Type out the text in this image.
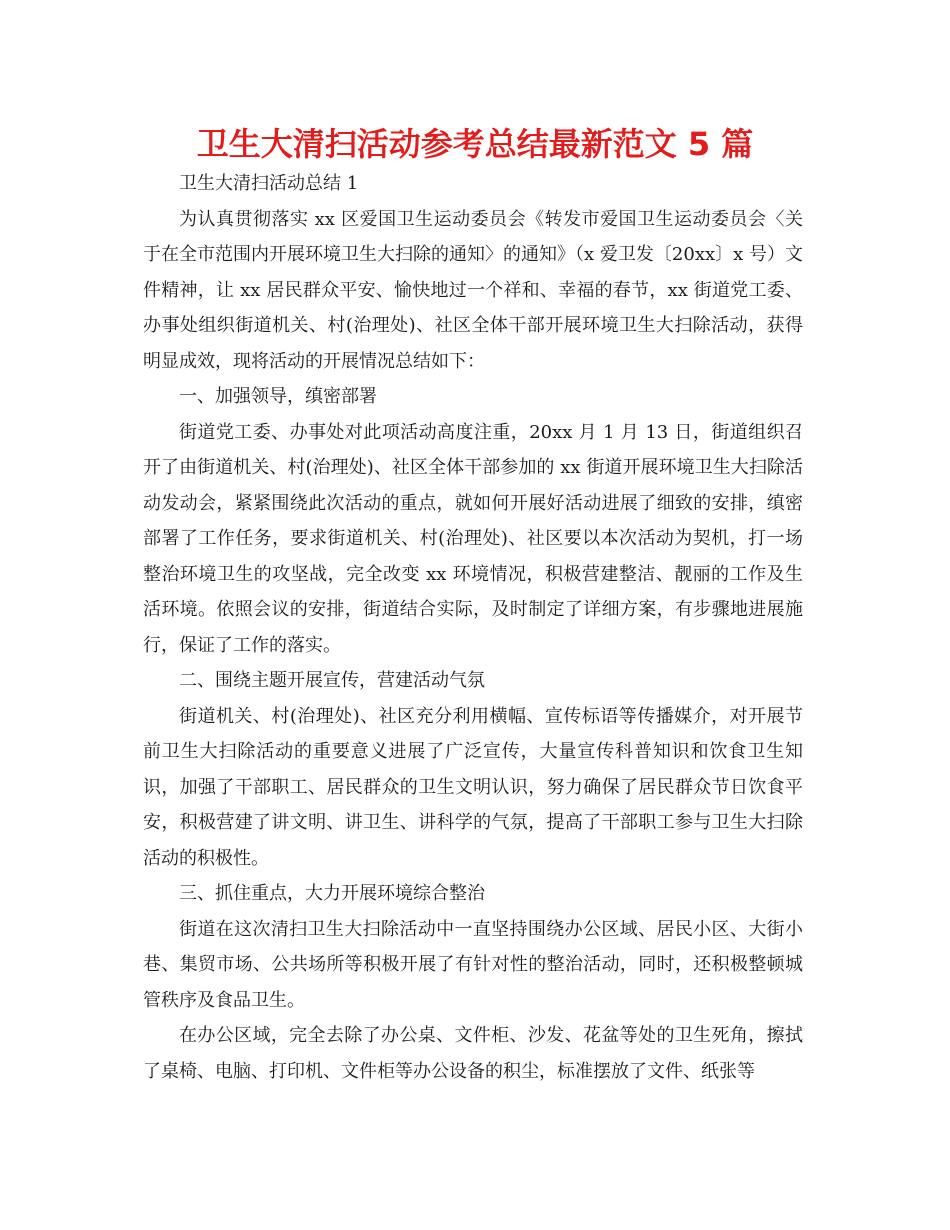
卫生大清扫活动参考总结最新范文 5 篇

卫生大清扫活动总结 1

为认真贯彻落实 xx 区爱国卫生运动委员会《转发市爱国卫生运动委员会〈关于在全市范围内开展环境卫生大扫除的通知〉的通知》（x 爱卫发〔20xx〕x 号）文件精神，让 xx 居民群众平安、愉快地过一个祥和、幸福的春节，xx 街道党工委、办事处组织街道机关、村(治理处)、社区全体干部开展环境卫生大扫除活动，获得明显成效，现将活动的开展情况总结如下：

一、加强领导，缜密部署

街道党工委、办事处对此项活动高度注重，20xx 月 1 月 13 日，街道组织召开了由街道机关、村(治理处)、社区全体干部参加的 xx 街道开展环境卫生大扫除活动发动会，紧紧围绕此次活动的重点，就如何开展好活动进展了细致的安排，缜密部署了工作任务，要求街道机关、村(治理处)、社区要以本次活动为契机，打一场整治环境卫生的攻坚战，完全改变 xx 环境情况，积极营建整洁、靓丽的工作及生活环境。依照会议的安排，街道结合实际，及时制定了详细方案，有步骤地进展施行，保证了工作的落实。

二、围绕主题开展宣传，营建活动气氛

街道机关、村(治理处)、社区充分利用横幅、宣传标语等传播媒介，对开展节前卫生大扫除活动的重要意义进展了广泛宣传，大量宣传科普知识和饮食卫生知识，加强了干部职工、居民群众的卫生文明认识，努力确保了居民群众节日饮食平安，积极营建了讲文明、讲卫生、讲科学的气氛，提高了干部职工参与卫生大扫除活动的积极性。

三、抓住重点，大力开展环境综合整治

街道在这次清扫卫生大扫除活动中一直坚持围绕办公区域、居民小区、大街小巷、集贸市场、公共场所等积极开展了有针对性的整治活动，同时，还积极整顿城管秩序及食品卫生。

在办公区域，完全去除了办公桌、文件柜、沙发、花盆等处的卫生死角，擦拭了桌椅、电脑、打印机、文件柜等办公设备的积尘，标准摆放了文件、纸张等
